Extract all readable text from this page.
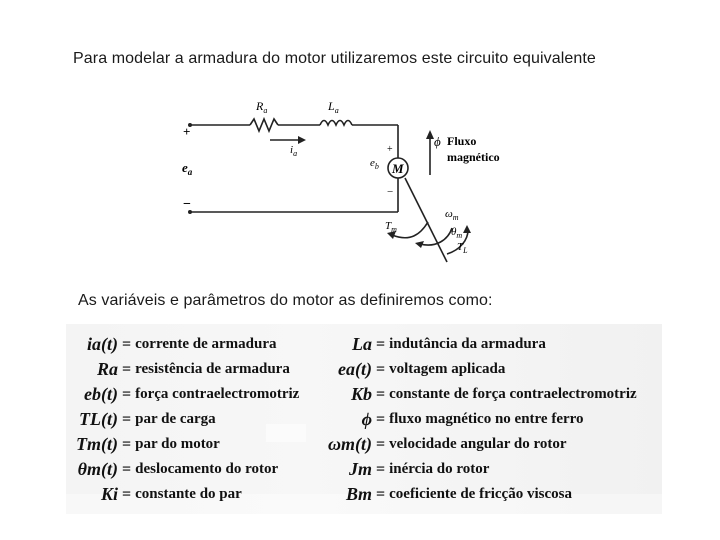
Para modelar a armadura do motor utilizaremos este circuito equivalente
+
−
+
−
$e_a$
$R_a$	$L_a$
$i_a$
$e_b$ M
ϕ Fluxo
magnético
$T_m$
$\omega_m$
$\theta_m$
$T_L$
As variáveis e parâmetros do motor as definiremos como:
ia(t) = corrente de armadura
Ra = resistência de armadura
eb(t) = força contraelectromotriz
TL(t) = par de carga
Tm(t) = par do motor
θm(t) = deslocamento do rotor
Ki = constante do par
La = indutância da armadura
ea(t) = voltagem aplicada
Kb = constante de força contraelectromotriz
ϕ = fluxo magnético no entre ferro
ωm(t) = velocidade angular do rotor
Jm = inércia do rotor
Bm = coeficiente de fricção viscosa
